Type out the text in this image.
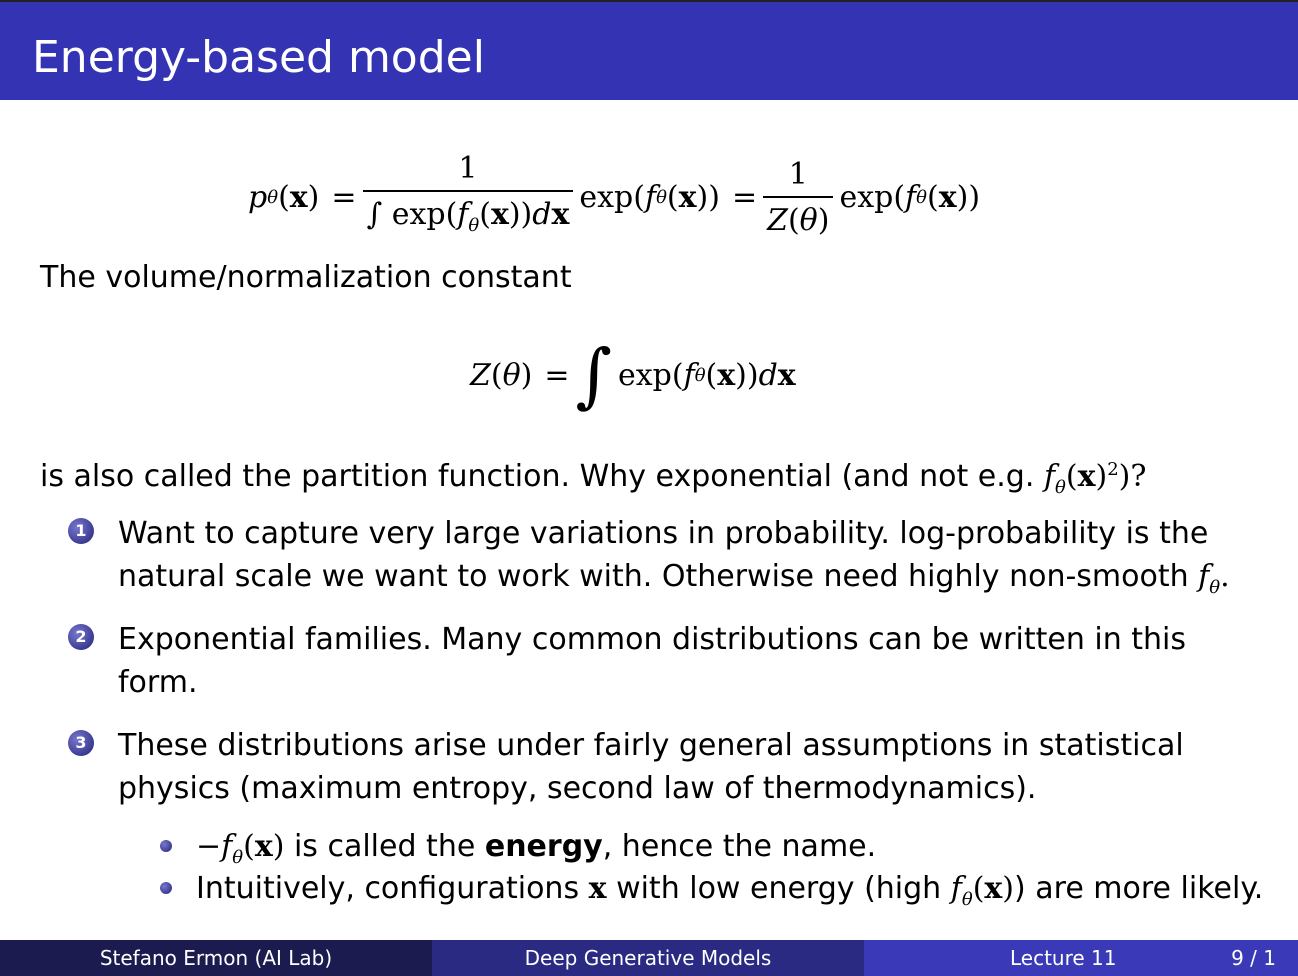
Energy-based model
p θ ( x ) = $\frac{1}{\int \exp(f_\theta(x))dx} \exp$( f θ ( x )) = $\frac{1}{Z(\theta)} \exp$( f θ ( x ))
The volume/normalization constant
Z ( θ ) = ∫ exp( f θ ( x )) d x
is also called the partition function. Why exponential (and not e.g. $f_\theta(x)^2$)?
1 Want to capture very large variations in probability. log-probability is the natural scale we want to work with. Otherwise need highly non-smooth $f_\theta$.
2 Exponential families. Many common distributions can be written in this form.
3 These distributions arise under fairly general assumptions in statistical physics (maximum entropy, second law of thermodynamics).
$-f_\theta(x)$ is called the energy, hence the name.
Intuitively, configurations x with low energy (high $f_\theta(x)$) are more likely.
Stefano Ermon (AI Lab)	Deep Generative Models	Lecture 11	9 / 1
